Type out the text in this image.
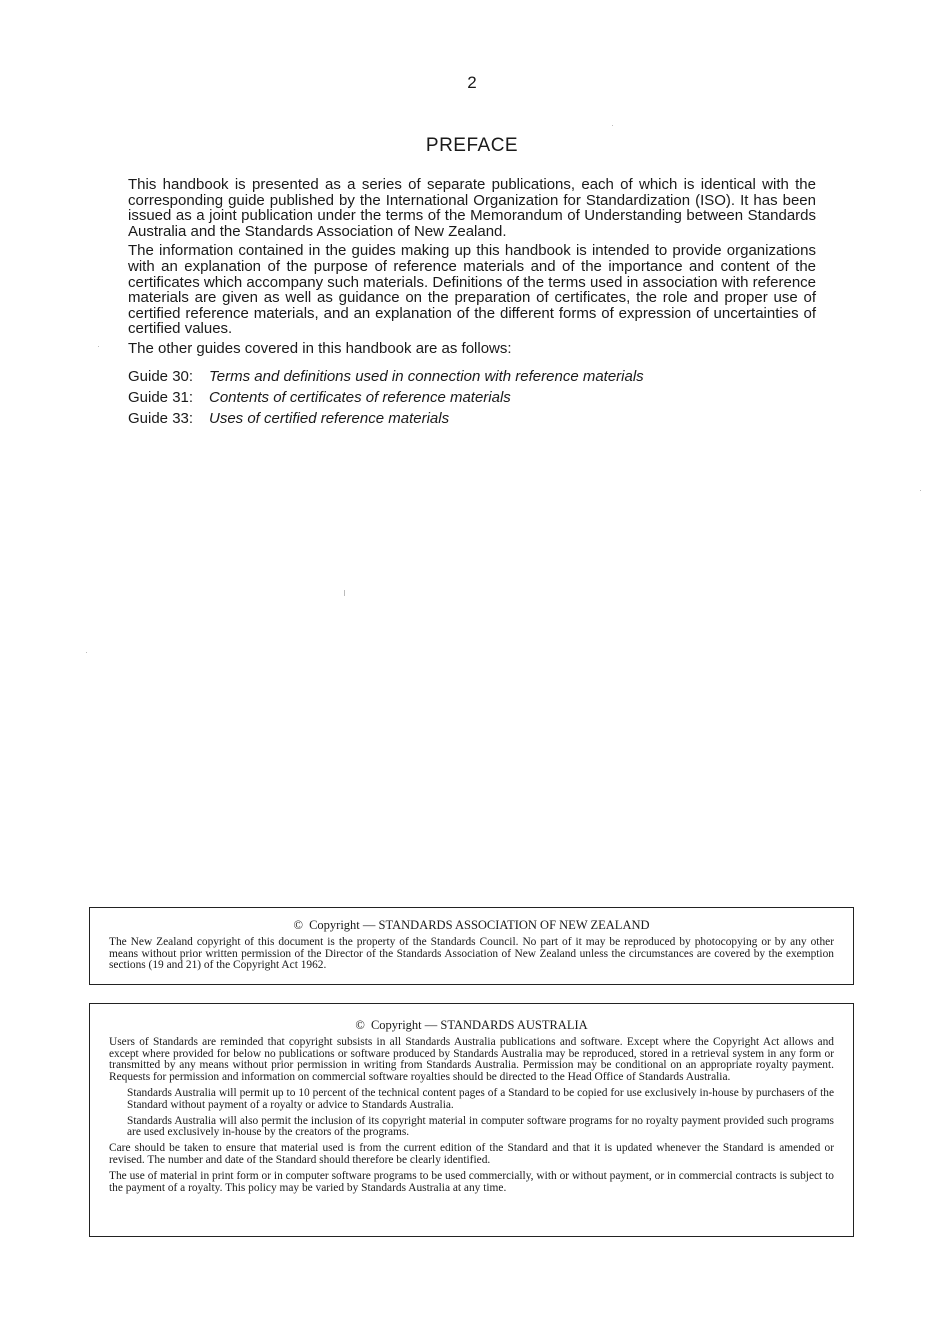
2
PREFACE

This handbook is presented as a series of separate publications, each of which is identical with the corresponding guide published by the International Organization for Standardization (ISO). It has been issued as a joint publication under the terms of the Memorandum of Understanding between Standards Australia and the Standards Association of New Zealand.

The information contained in the guides making up this handbook is intended to provide organizations with an explanation of the purpose of reference materials and of the importance and content of the certificates which accompany such materials. Definitions of the terms used in association with reference materials are given as well as guidance on the preparation of certificates, the role and proper use of certified reference materials, and an explanation of the different forms of expression of uncertainties of certified values.

The other guides covered in this handbook are as follows:

Guide 30:	Terms and definitions used in connection with reference materials
Guide 31:	Contents of certificates of reference materials
Guide 33:	Uses of certified reference materials
© Copyright — STANDARDS ASSOCIATION OF NEW ZEALAND

The New Zealand copyright of this document is the property of the Standards Council. No part of it may be reproduced by photocopying or by any other means without prior written permission of the Director of the Standards Association of New Zealand unless the circumstances are covered by the exemption sections (19 and 21) of the Copyright Act 1962.

© Copyright — STANDARDS AUSTRALIA

Users of Standards are reminded that copyright subsists in all Standards Australia publications and software. Except where the Copyright Act allows and except where provided for below no publications or software produced by Standards Australia may be reproduced, stored in a retrieval system in any form or transmitted by any means without prior permission in writing from Standards Australia. Permission may be conditional on an appropriate royalty payment. Requests for permission and information on commercial software royalties should be directed to the Head Office of Standards Australia.

Standards Australia will permit up to 10 percent of the technical content pages of a Standard to be copied for use exclusively in-house by purchasers of the Standard without payment of a royalty or advice to Standards Australia.

Standards Australia will also permit the inclusion of its copyright material in computer software programs for no royalty payment provided such programs are used exclusively in-house by the creators of the programs.

Care should be taken to ensure that material used is from the current edition of the Standard and that it is updated whenever the Standard is amended or revised. The number and date of the Standard should therefore be clearly identified.

The use of material in print form or in computer software programs to be used commercially, with or without payment, or in commercial contracts is subject to the payment of a royalty. This policy may be varied by Standards Australia at any time.
